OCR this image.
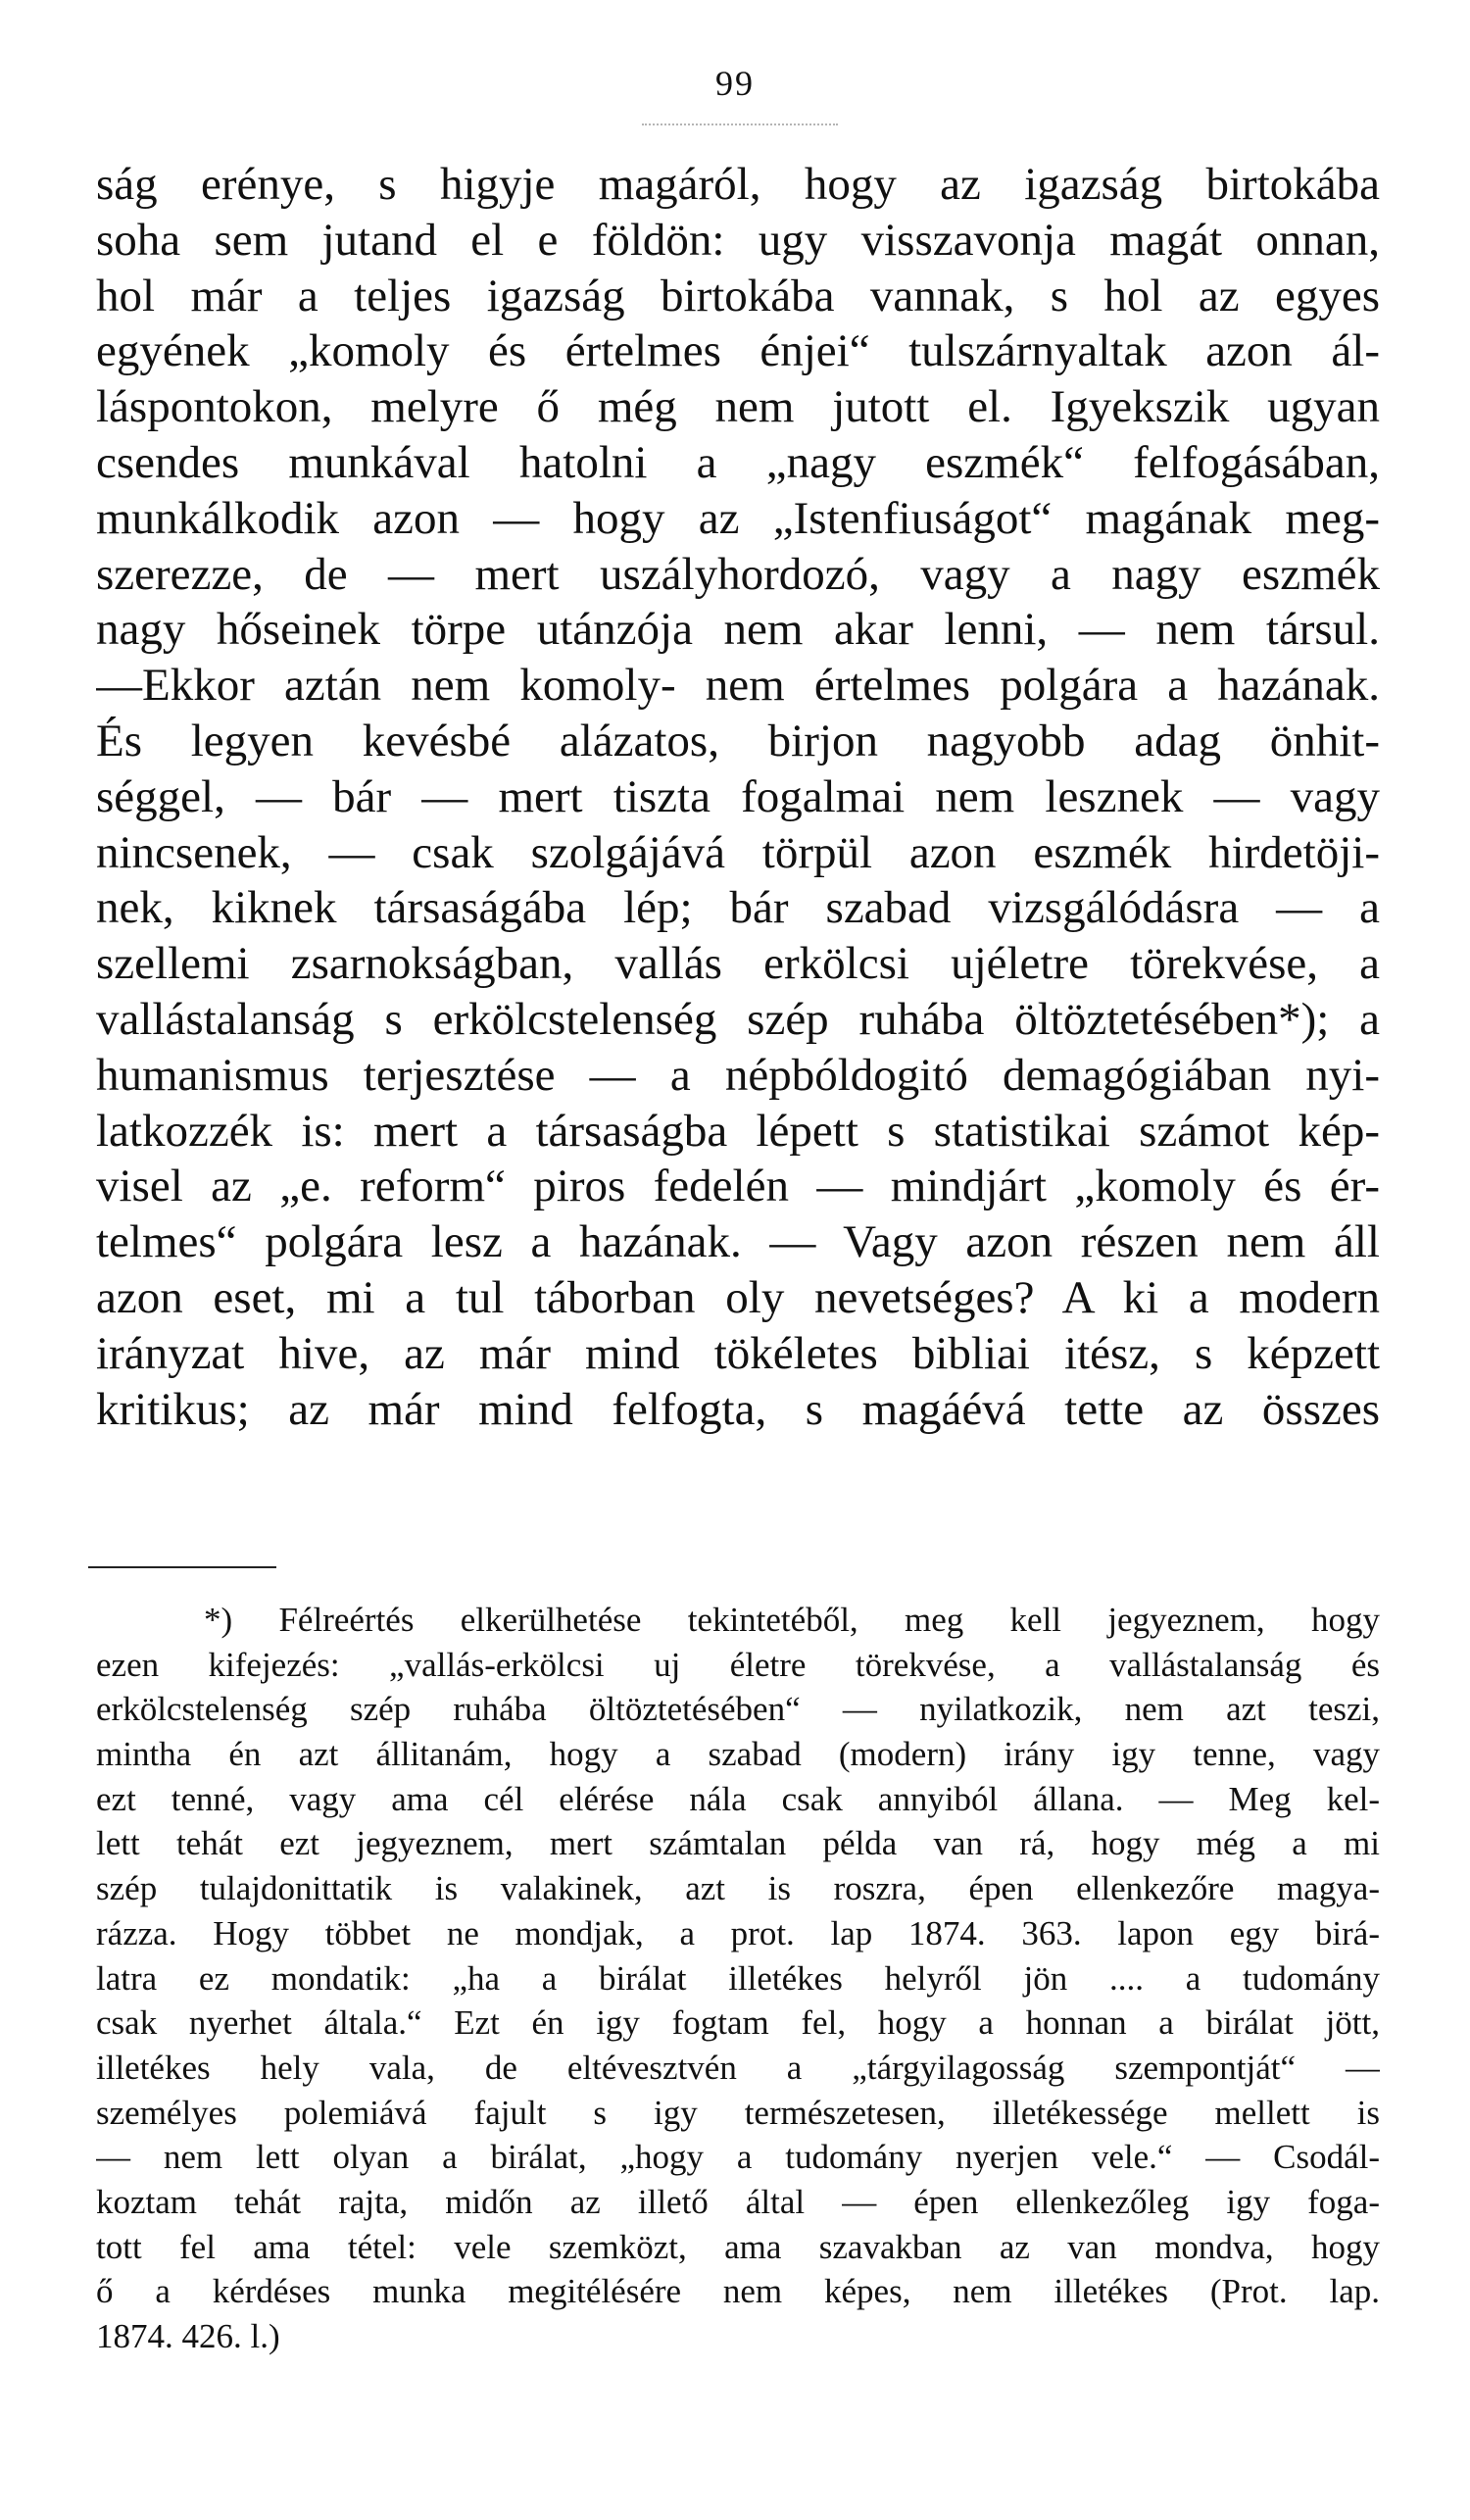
99
ság erénye, s higyje magáról, hogy az igazság birtokába
soha sem jutand el e földön: ugy visszavonja magát onnan,
hol már a teljes igazság birtokába vannak, s hol az egyes
egyének „komoly és értelmes énjei“ tulszárnyaltak azon ál-
láspontokon, melyre ő még nem jutott el. Igyekszik ugyan
csendes munkával hatolni a „nagy eszmék“ felfogásában,
munkálkodik azon — hogy az „Istenfiuságot“ magának meg-
szerezze, de — mert uszályhordozó, vagy a nagy eszmék
nagy hőseinek törpe utánzója nem akar lenni, — nem társul.
—Ekkor aztán nem komoly- nem értelmes polgára a hazának.
És legyen kevésbé alázatos, birjon nagyobb adag önhit-
séggel, — bár — mert tiszta fogalmai nem lesznek — vagy
nincsenek, — csak szolgájává törpül azon eszmék hirdetöji-
nek, kiknek társaságába lép; bár szabad vizsgálódásra — a
szellemi zsarnokságban, vallás erkölcsi ujéletre törekvése, a
vallástalanság s erkölcstelenség szép ruhába öltöztetésében*); a
humanismus terjesztése — a népbóldogitó demagógiában nyi-
latkozzék is: mert a társaságba lépett s statistikai számot kép-
visel az „e. reform“ piros fedelén — mindjárt „komoly és ér-
telmes“ polgára lesz a hazának. — Vagy azon részen nem áll
azon eset, mi a tul táborban oly nevetséges? A ki a modern
irányzat hive, az már mind tökéletes bibliai itész, s képzett
kritikus; az már mind felfogta, s magáévá tette az összes
*) Félreértés elkerülhetése tekintetéből, meg kell jegyeznem, hogy
ezen kifejezés: „vallás-erkölcsi uj életre törekvése, a vallástalanság és
erkölcstelenség szép ruhába öltöztetésében“ — nyilatkozik, nem azt teszi,
mintha én azt állitanám, hogy a szabad (modern) irány igy tenne, vagy
ezt tenné, vagy ama cél elérése nála csak annyiból állana. — Meg kel-
lett tehát ezt jegyeznem, mert számtalan példa van rá, hogy még a mi
szép tulajdonittatik is valakinek, azt is roszra, épen ellenkezőre magya-
rázza. Hogy többet ne mondjak, a prot. lap 1874. 363. lapon egy birá-
latra ez mondatik: „ha a birálat illetékes helyről jön .... a tudomány
csak nyerhet általa.“ Ezt én igy fogtam fel, hogy a honnan a birálat jött,
illetékes hely vala, de eltévesztvén a „tárgyilagosság szempontját“ —
személyes polemiává fajult s igy természetesen, illetékessége mellett is
— nem lett olyan a birálat, „hogy a tudomány nyerjen vele.“ — Csodál-
koztam tehát rajta, midőn az illető által — épen ellenkezőleg igy foga-
tott fel ama tétel: vele szemközt, ama szavakban az van mondva, hogy
ő a kérdéses munka megitélésére nem képes, nem illetékes (Prot. lap.
1874. 426. l.)
